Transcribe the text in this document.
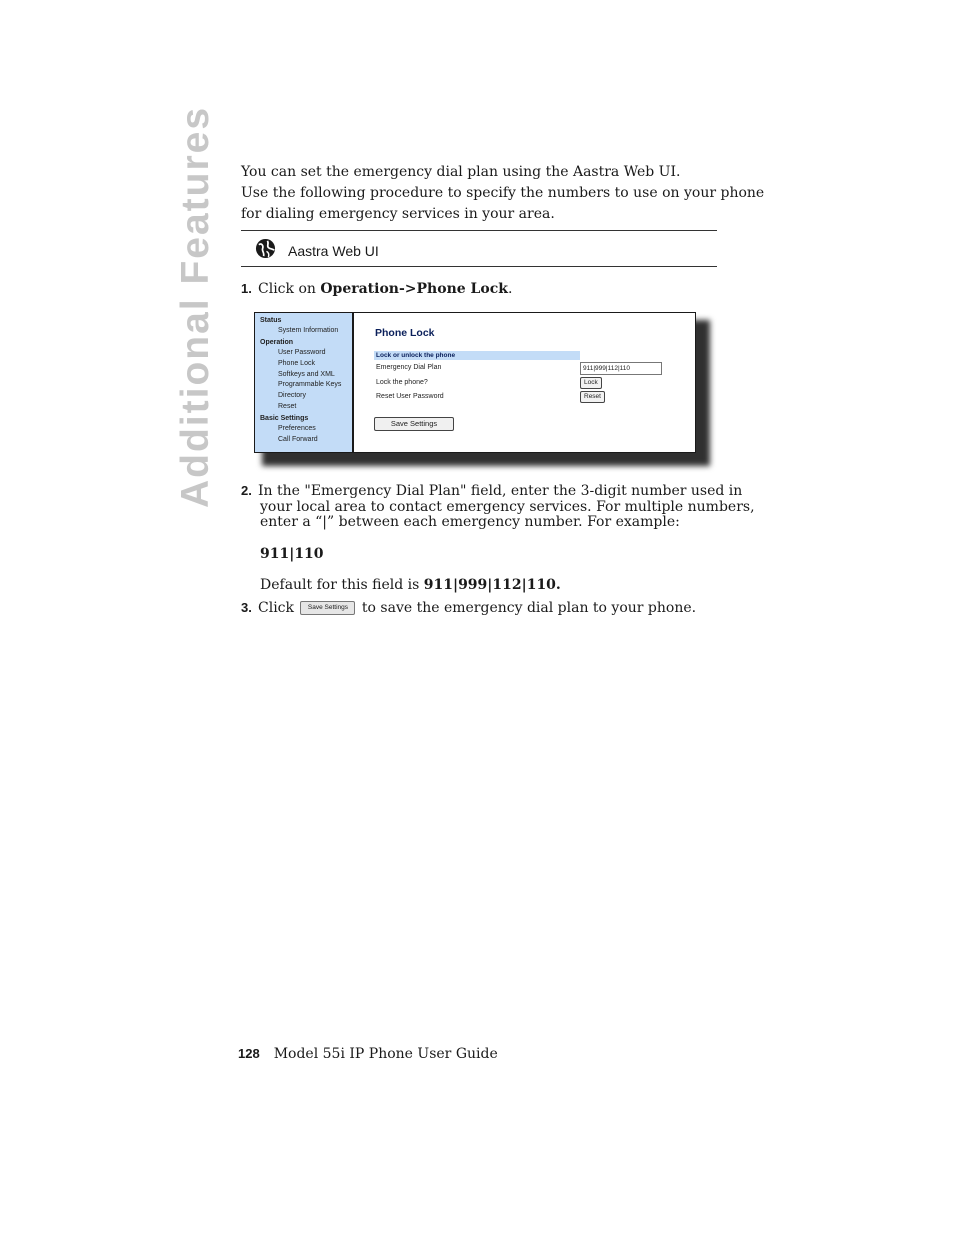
Additional Features	You can set the emergency dial plan using the Aastra Web UI.
Use the following procedure to specify the numbers to use on your phone
for dialing emergency services in your area.
Aastra Web UI
1. Click on Operation->Phone Lock.
Status
System Information
Operation
User Password
Phone Lock
Softkeys and XML
Programmable Keys
Directory
Reset
Basic Settings
Preferences
Call Forward
Phone Lock
Lock or unlock the phone
Emergency Dial Plan	911|999|112|110
Lock the phone?	Lock
Reset User Password	Reset
Save Settings
2. In the "Emergency Dial Plan" field, enter the 3-digit number used in
your local area to contact emergency services. For multiple numbers,
enter a “|” between each emergency number. For example:
911|110
Default for this field is 911|999|112|110.
3. Click Save Settings to save the emergency dial plan to your phone.
128 Model 55i IP Phone User Guide
